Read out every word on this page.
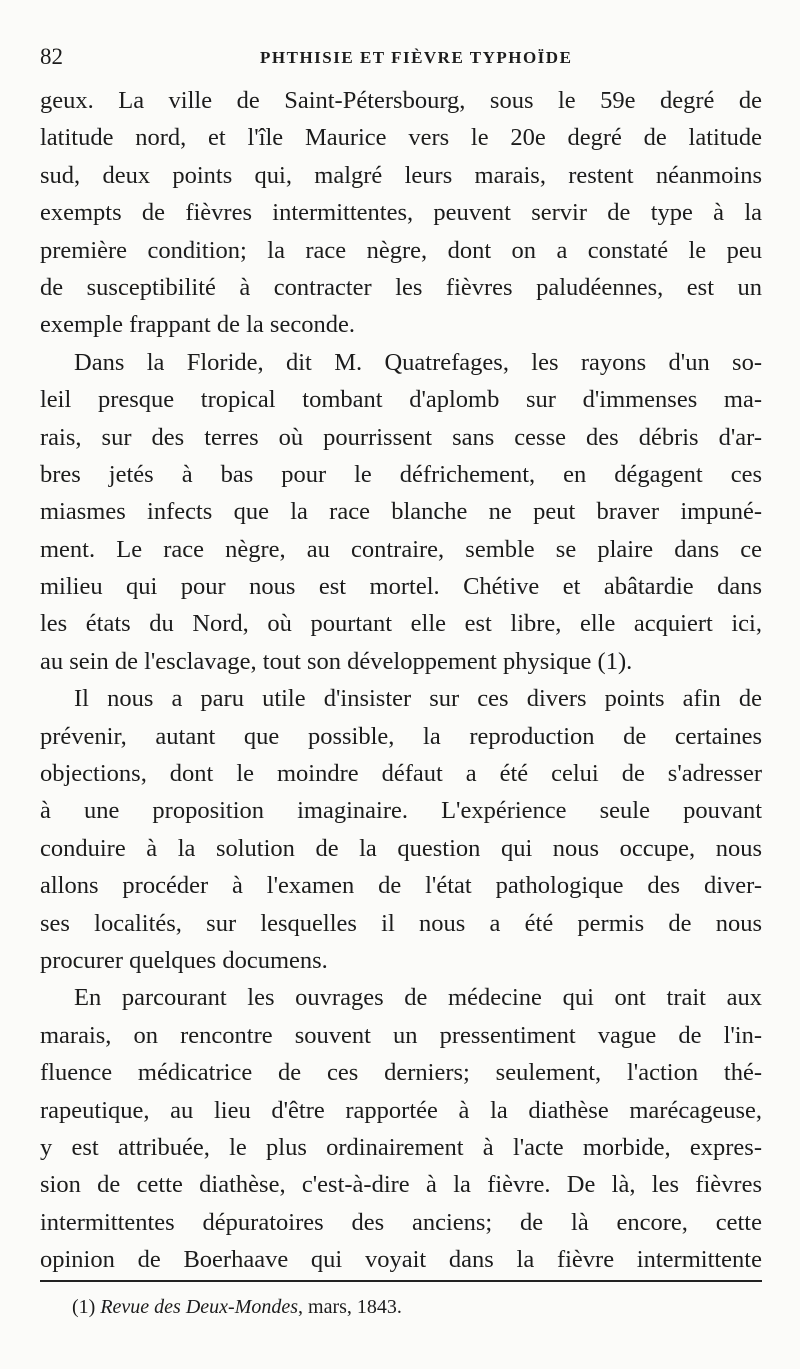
82	PHTHISIE ET FIÈVRE TYPHOÏDE
geux. La ville de Saint-Pétersbourg, sous le 59e degré de
latitude nord, et l'île Maurice vers le 20e degré de latitude
sud, deux points qui, malgré leurs marais, restent néanmoins
exempts de fièvres intermittentes, peuvent servir de type à la
première condition; la race nègre, dont on a constaté le peu
de susceptibilité à contracter les fièvres paludéennes, est un
exemple frappant de la seconde.
Dans la Floride, dit M. Quatrefages, les rayons d'un so-
leil presque tropical tombant d'aplomb sur d'immenses ma-
rais, sur des terres où pourrissent sans cesse des débris d'ar-
bres jetés à bas pour le défrichement, en dégagent ces
miasmes infects que la race blanche ne peut braver impuné-
ment. Le race nègre, au contraire, semble se plaire dans ce
milieu qui pour nous est mortel. Chétive et abâtardie dans
les états du Nord, où pourtant elle est libre, elle acquiert ici,
au sein de l'esclavage, tout son développement physique (1).
Il nous a paru utile d'insister sur ces divers points afin de
prévenir, autant que possible, la reproduction de certaines
objections, dont le moindre défaut a été celui de s'adresser
à une proposition imaginaire. L'expérience seule pouvant
conduire à la solution de la question qui nous occupe, nous
allons procéder à l'examen de l'état pathologique des diver-
ses localités, sur lesquelles il nous a été permis de nous
procurer quelques documens.
En parcourant les ouvrages de médecine qui ont trait aux
marais, on rencontre souvent un pressentiment vague de l'in-
fluence médicatrice de ces derniers; seulement, l'action thé-
rapeutique, au lieu d'être rapportée à la diathèse marécageuse,
y est attribuée, le plus ordinairement à l'acte morbide, expres-
sion de cette diathèse, c'est-à-dire à la fièvre. De là, les fièvres
intermittentes dépuratoires des anciens; de là encore, cette
opinion de Boerhaave qui voyait dans la fièvre intermittente
(1) Revue des Deux-Mondes, mars, 1843.
